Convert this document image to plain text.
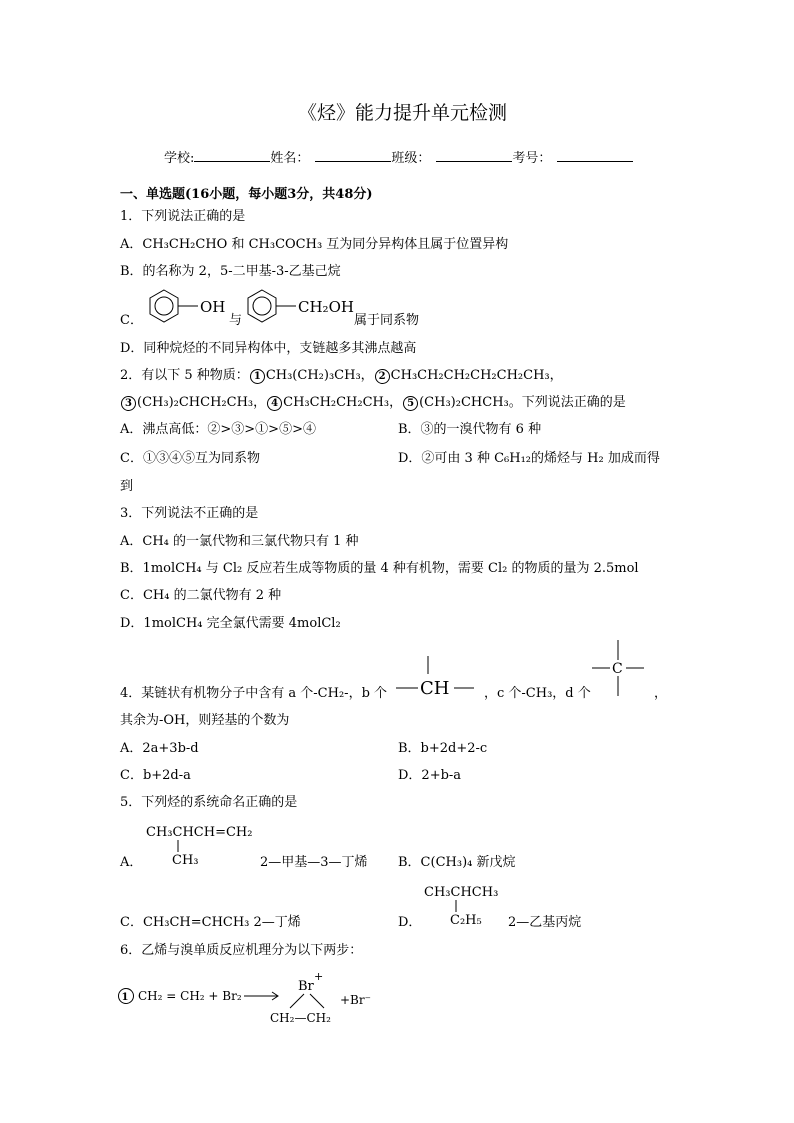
《烃》能力提升单元检测
学校:	姓名：	班级：	考号：
一、单选题(16小题，每小题3分，共48分)
1．下列说法正确的是
A．CH₃CH₂CHO 和 CH₃COCH₃ 互为同分异构体且属于位置异构
B．的名称为 2，5-二甲基-3-乙基己烷
C．
OH
与
CH₂OH
属于同系物
D．同种烷烃的不同异构体中，支链越多其沸点越高
2．有以下 5 种物质： 1 CH₃(CH₂)₃CH₃， 2 CH₃CH₂CH₂CH₂CH₂CH₃，
3 (CH₃)₂CHCH₂CH₃， 4 CH₃CH₂CH₂CH₃， 5 (CH₃)₂CHCH₃。下列说法正确的是
A．沸点高低：②>③>①>⑤>④	B．③的一溴代物有 6 种
C．①③④⑤互为同系物	D．②可由 3 种 C₆H₁₂的烯烃与 H₂ 加成而得
到
3．下列说法不正确的是
A．CH₄ 的一氯代物和三氯代物只有 1 种
B．1molCH₄ 与 Cl₂ 反应若生成等物质的量 4 种有机物，需要 Cl₂ 的物质的量为 2.5mol
C．CH₄ 的二氯代物有 2 种
D．1molCH₄ 完全氯代需要 4molCl₂
4．某链状有机物分子中含有 a 个-CH₂-，b 个 CH	，c 个-CH₃，d 个
C
，
其余为-OH，则羟基的个数为
A．2a+3b-d	B．b+2d+2-c
C．b+2d-a	D．2+b-a
5．下列烃的系统命名正确的是
CH₃CHCH=CH₂
CH₃
A．	2—甲基—3—丁烯 B．C(CH₃)₄ 新戊烷
CH₃CHCH₃
C₂H₅
C．CH₃CH=CHCH₃ 2—丁烯	D．	2—乙基丙烷
6．乙烯与溴单质反应机理分为以下两步：
1 CH₂ = CH₂ + Br₂
Br
+
CH₂—CH₂
+Br⁻
